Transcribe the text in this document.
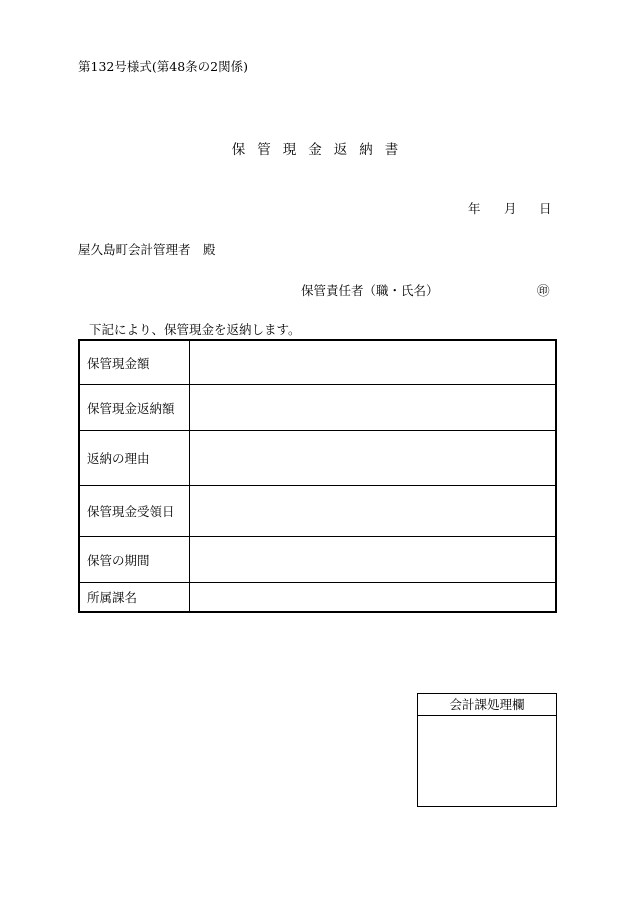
第132号様式(第48条の2関係)
保管現金返納書
年 月 日
屋久島町会計管理者　殿
保管責任者（職・氏名）	㊞
下記により、保管現金を返納します。
保管現金額
保管現金返納額
返納の理由
保管現金受領日
保管の期間
所属課名
会計課処理欄
